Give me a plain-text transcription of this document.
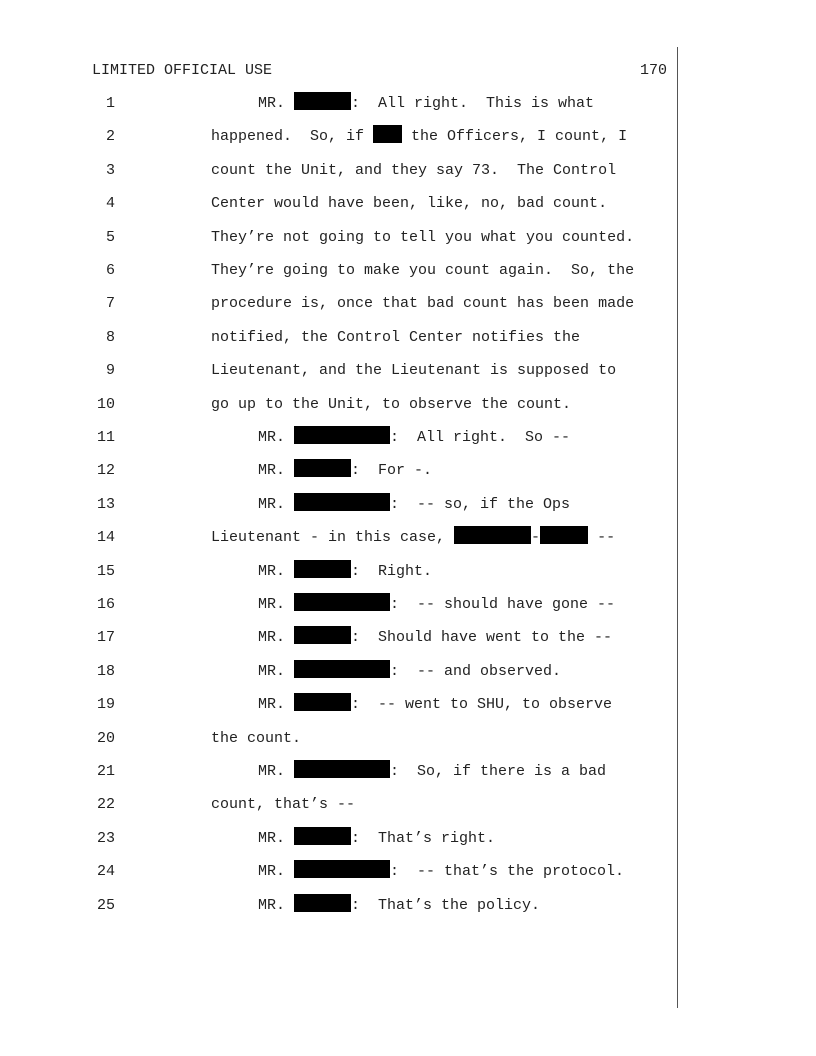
LIMITED OFFICIAL USE	170
1	MR.	:  All right.  This is what
2	happened.  So, if  the Officers, I count, I
3	count the Unit, and they say 73.  The Control
4	Center would have been, like, no, bad count.
5	They’re not going to tell you what you counted.
6	They’re going to make you count again.  So, the
7	procedure is, once that bad count has been made
8	notified, the Control Center notifies the
9	Lieutenant, and the Lieutenant is supposed to
10	go up to the Unit, to observe the count.
11	MR.	:  All right.  So --
12	MR.	:  For -.
13	MR.	:  -- so, if the Ops
14	Lieutenant - in this case,	-	--
15	MR.	:  Right.
16	MR.	:  -- should have gone --
17	MR.	:  Should have went to the --
18	MR.	:  -- and observed.
19	MR.	:  -- went to SHU, to observe
20	the count.
21	MR.	:  So, if there is a bad
22	count, that’s --
23	MR.	:  That’s right.
24	MR.	:  -- that’s the protocol.
25	MR.	:  That’s the policy.
